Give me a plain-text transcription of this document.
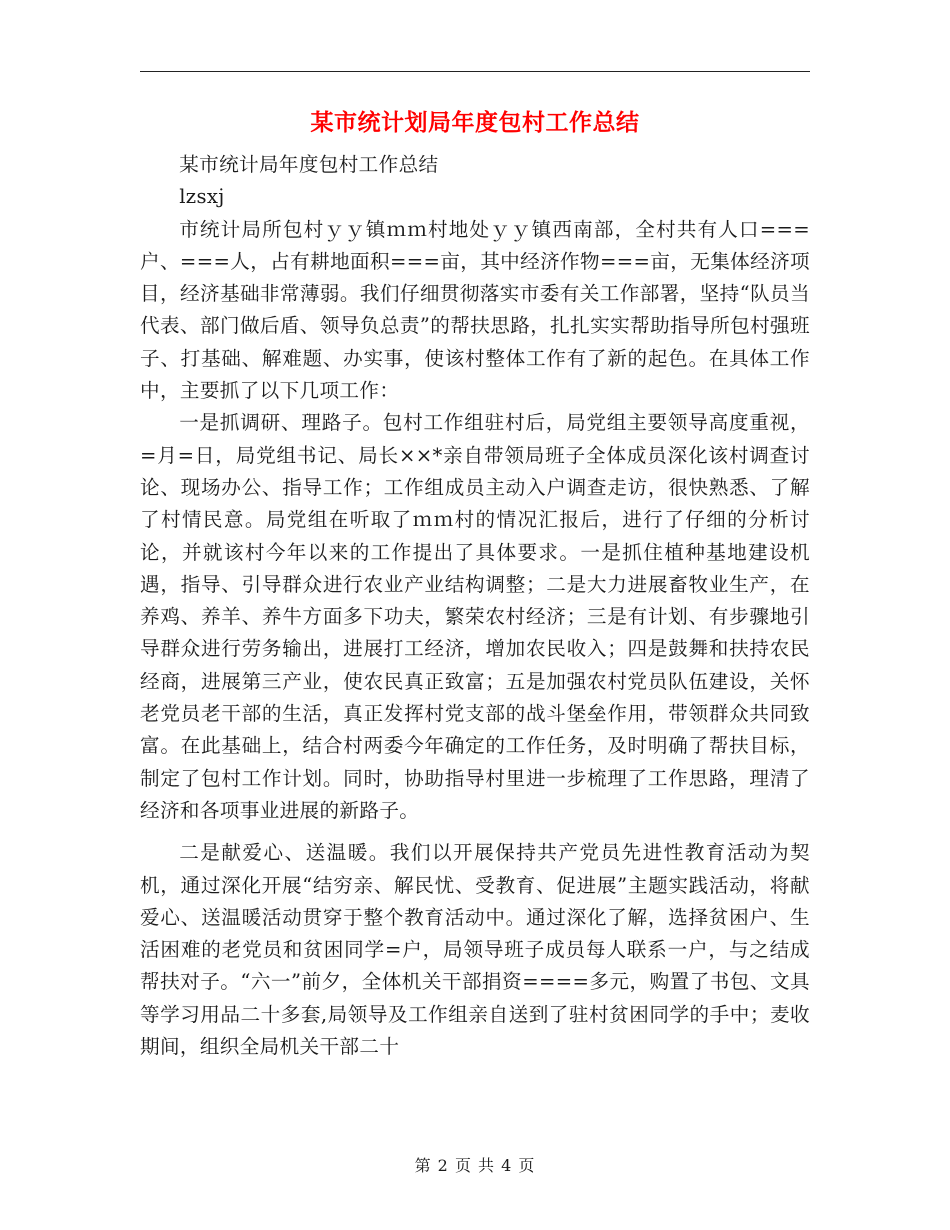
某市统计划局年度包村工作总结

某市统计局年度包村工作总结

lzsxj

市统计局所包村ｙｙ镇ｍｍ村地处ｙｙ镇西南部，全村共有人口===户、===人，占有耕地面积===亩，其中经济作物===亩，无集体经济项目，经济基础非常薄弱。我们仔细贯彻落实市委有关工作部署，坚持“队员当代表、部门做后盾、领导负总责”的帮扶思路，扎扎实实帮助指导所包村强班子、打基础、解难题、办实事，使该村整体工作有了新的起色。在具体工作中，主要抓了以下几项工作：

一是抓调研、理路子。包村工作组驻村后，局党组主要领导高度重视，=月=日，局党组书记、局长××*亲自带领局班子全体成员深化该村调查讨论、现场办公、指导工作；工作组成员主动入户调查走访，很快熟悉、了解了村情民意。局党组在听取了ｍｍ村的情况汇报后，进行了仔细的分析讨论，并就该村今年以来的工作提出了具体要求。一是抓住植种基地建设机遇，指导、引导群众进行农业产业结构调整；二是大力进展畜牧业生产，在养鸡、养羊、养牛方面多下功夫，繁荣农村经济；三是有计划、有步骤地引导群众进行劳务输出，进展打工经济，增加农民收入；四是鼓舞和扶持农民经商，进展第三产业，使农民真正致富；五是加强农村党员队伍建设，关怀老党员老干部的生活，真正发挥村党支部的战斗堡垒作用，带领群众共同致富。在此基础上，结合村两委今年确定的工作任务，及时明确了帮扶目标，制定了包村工作计划。同时，协助指导村里进一步梳理了工作思路，理清了经济和各项事业进展的新路子。

二是献爱心、送温暖。我们以开展保持共产党员先进性教育活动为契机，通过深化开展“结穷亲、解民忧、受教育、促进展”主题实践活动，将献爱心、送温暖活动贯穿于整个教育活动中。通过深化了解，选择贫困户、生活困难的老党员和贫困同学=户，局领导班子成员每人联系一户，与之结成帮扶对子。“六一”前夕，全体机关干部捐资====多元，购置了书包、文具等学习用品二十多套,局领导及工作组亲自送到了驻村贫困同学的手中；麦收期间，组织全局机关干部二十

第 2 页 共 4 页
